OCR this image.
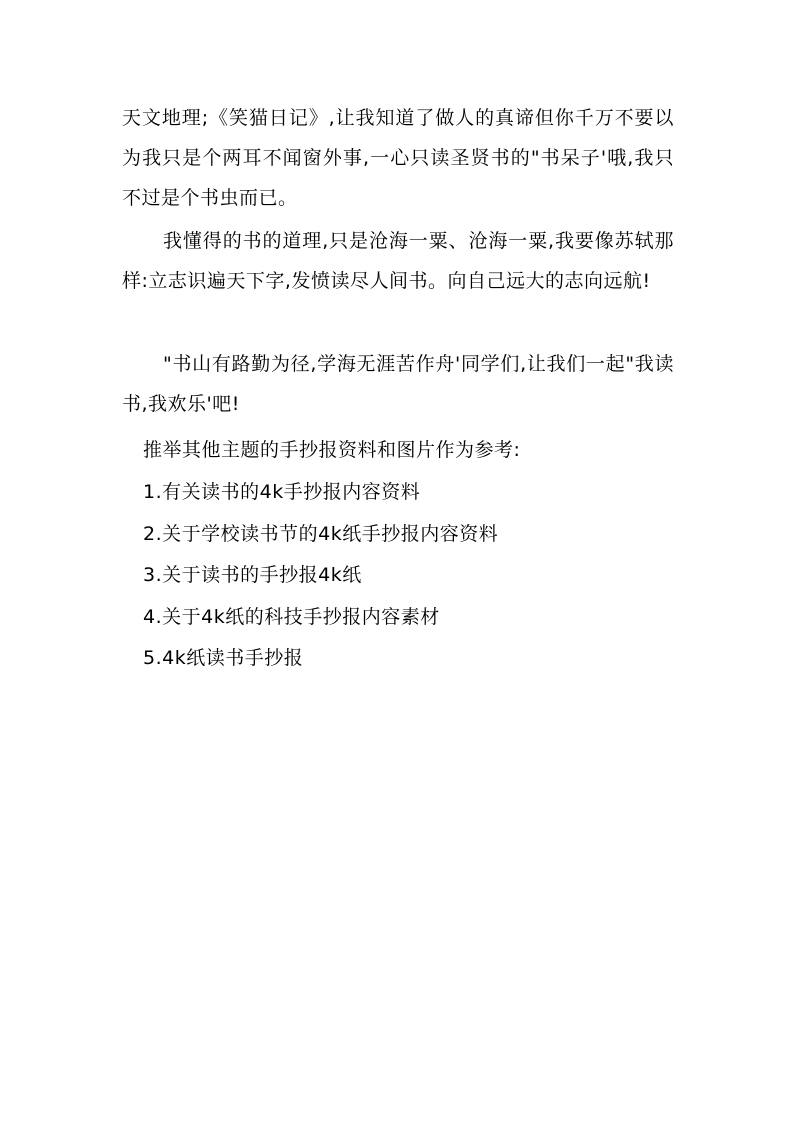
天文地理;《笑猫日记》,让我知道了做人的真谛但你千万不要以为我只是个两耳不闻窗外事,一心只读圣贤书的"书呆子'哦,我只不过是个书虫而已。

我懂得的书的道理,只是沧海一粟、沧海一粟,我要像苏轼那样:立志识遍天下字,发愤读尽人间书。向自己远大的志向远航!

"书山有路勤为径,学海无涯苦作舟'同学们,让我们一起"我读书,我欢乐'吧!

推举其他主题的手抄报资料和图片作为参考:
1.有关读书的4k手抄报内容资料
2.关于学校读书节的4k纸手抄报内容资料
3.关于读书的手抄报4k纸
4.关于4k纸的科技手抄报内容素材
5.4k纸读书手抄报
